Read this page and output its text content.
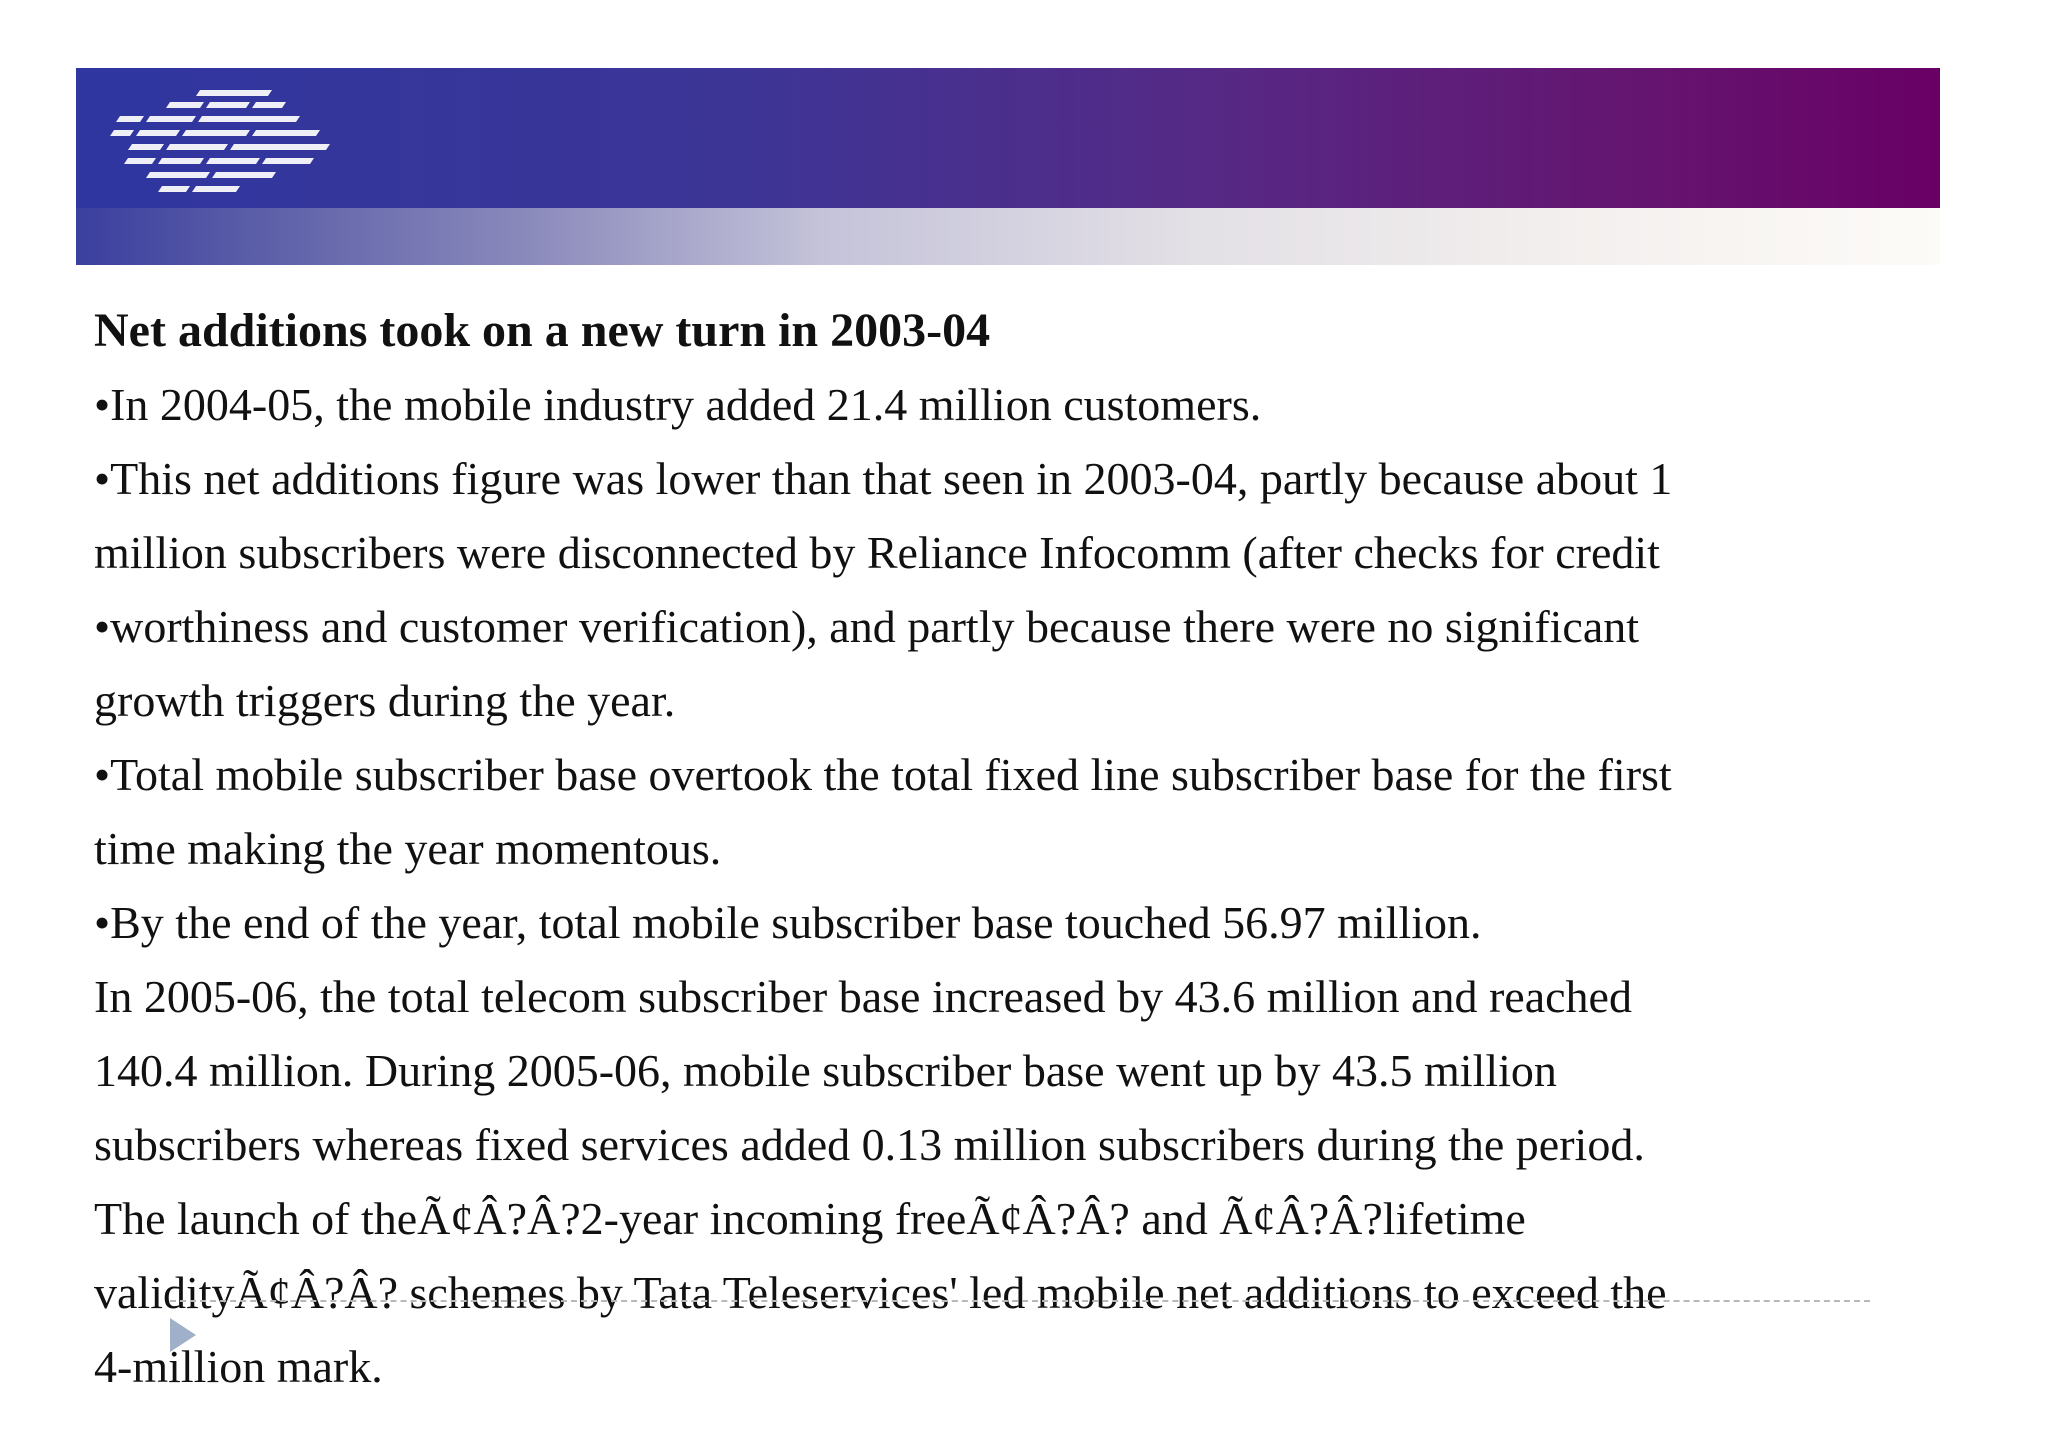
Net additions took on a new turn in 2003-04

•In 2004-05, the mobile industry added 21.4 million customers.

•This net additions figure was lower than that seen in 2003-04, partly because about 1

million subscribers were disconnected by Reliance Infocomm (after checks for credit

•worthiness and customer verification), and partly because there were no significant

growth triggers during the year.

•Total mobile subscriber base overtook the total fixed line subscriber base for the first

time making the year momentous.

•By the end of the year, total mobile subscriber base touched 56.97 million.

In 2005-06, the total telecom subscriber base increased by 43.6 million and reached

140.4 million. During 2005-06, mobile subscriber base went up by 43.5 million

subscribers whereas fixed services added 0.13 million subscribers during the period.

The launch of theÃ¢Â?Â?2-year incoming freeÃ¢Â?Â? and Ã¢Â?Â?lifetime

validityÃ¢Â?Â? schemes by Tata Teleservices' led mobile net additions to exceed the

4-million mark.
